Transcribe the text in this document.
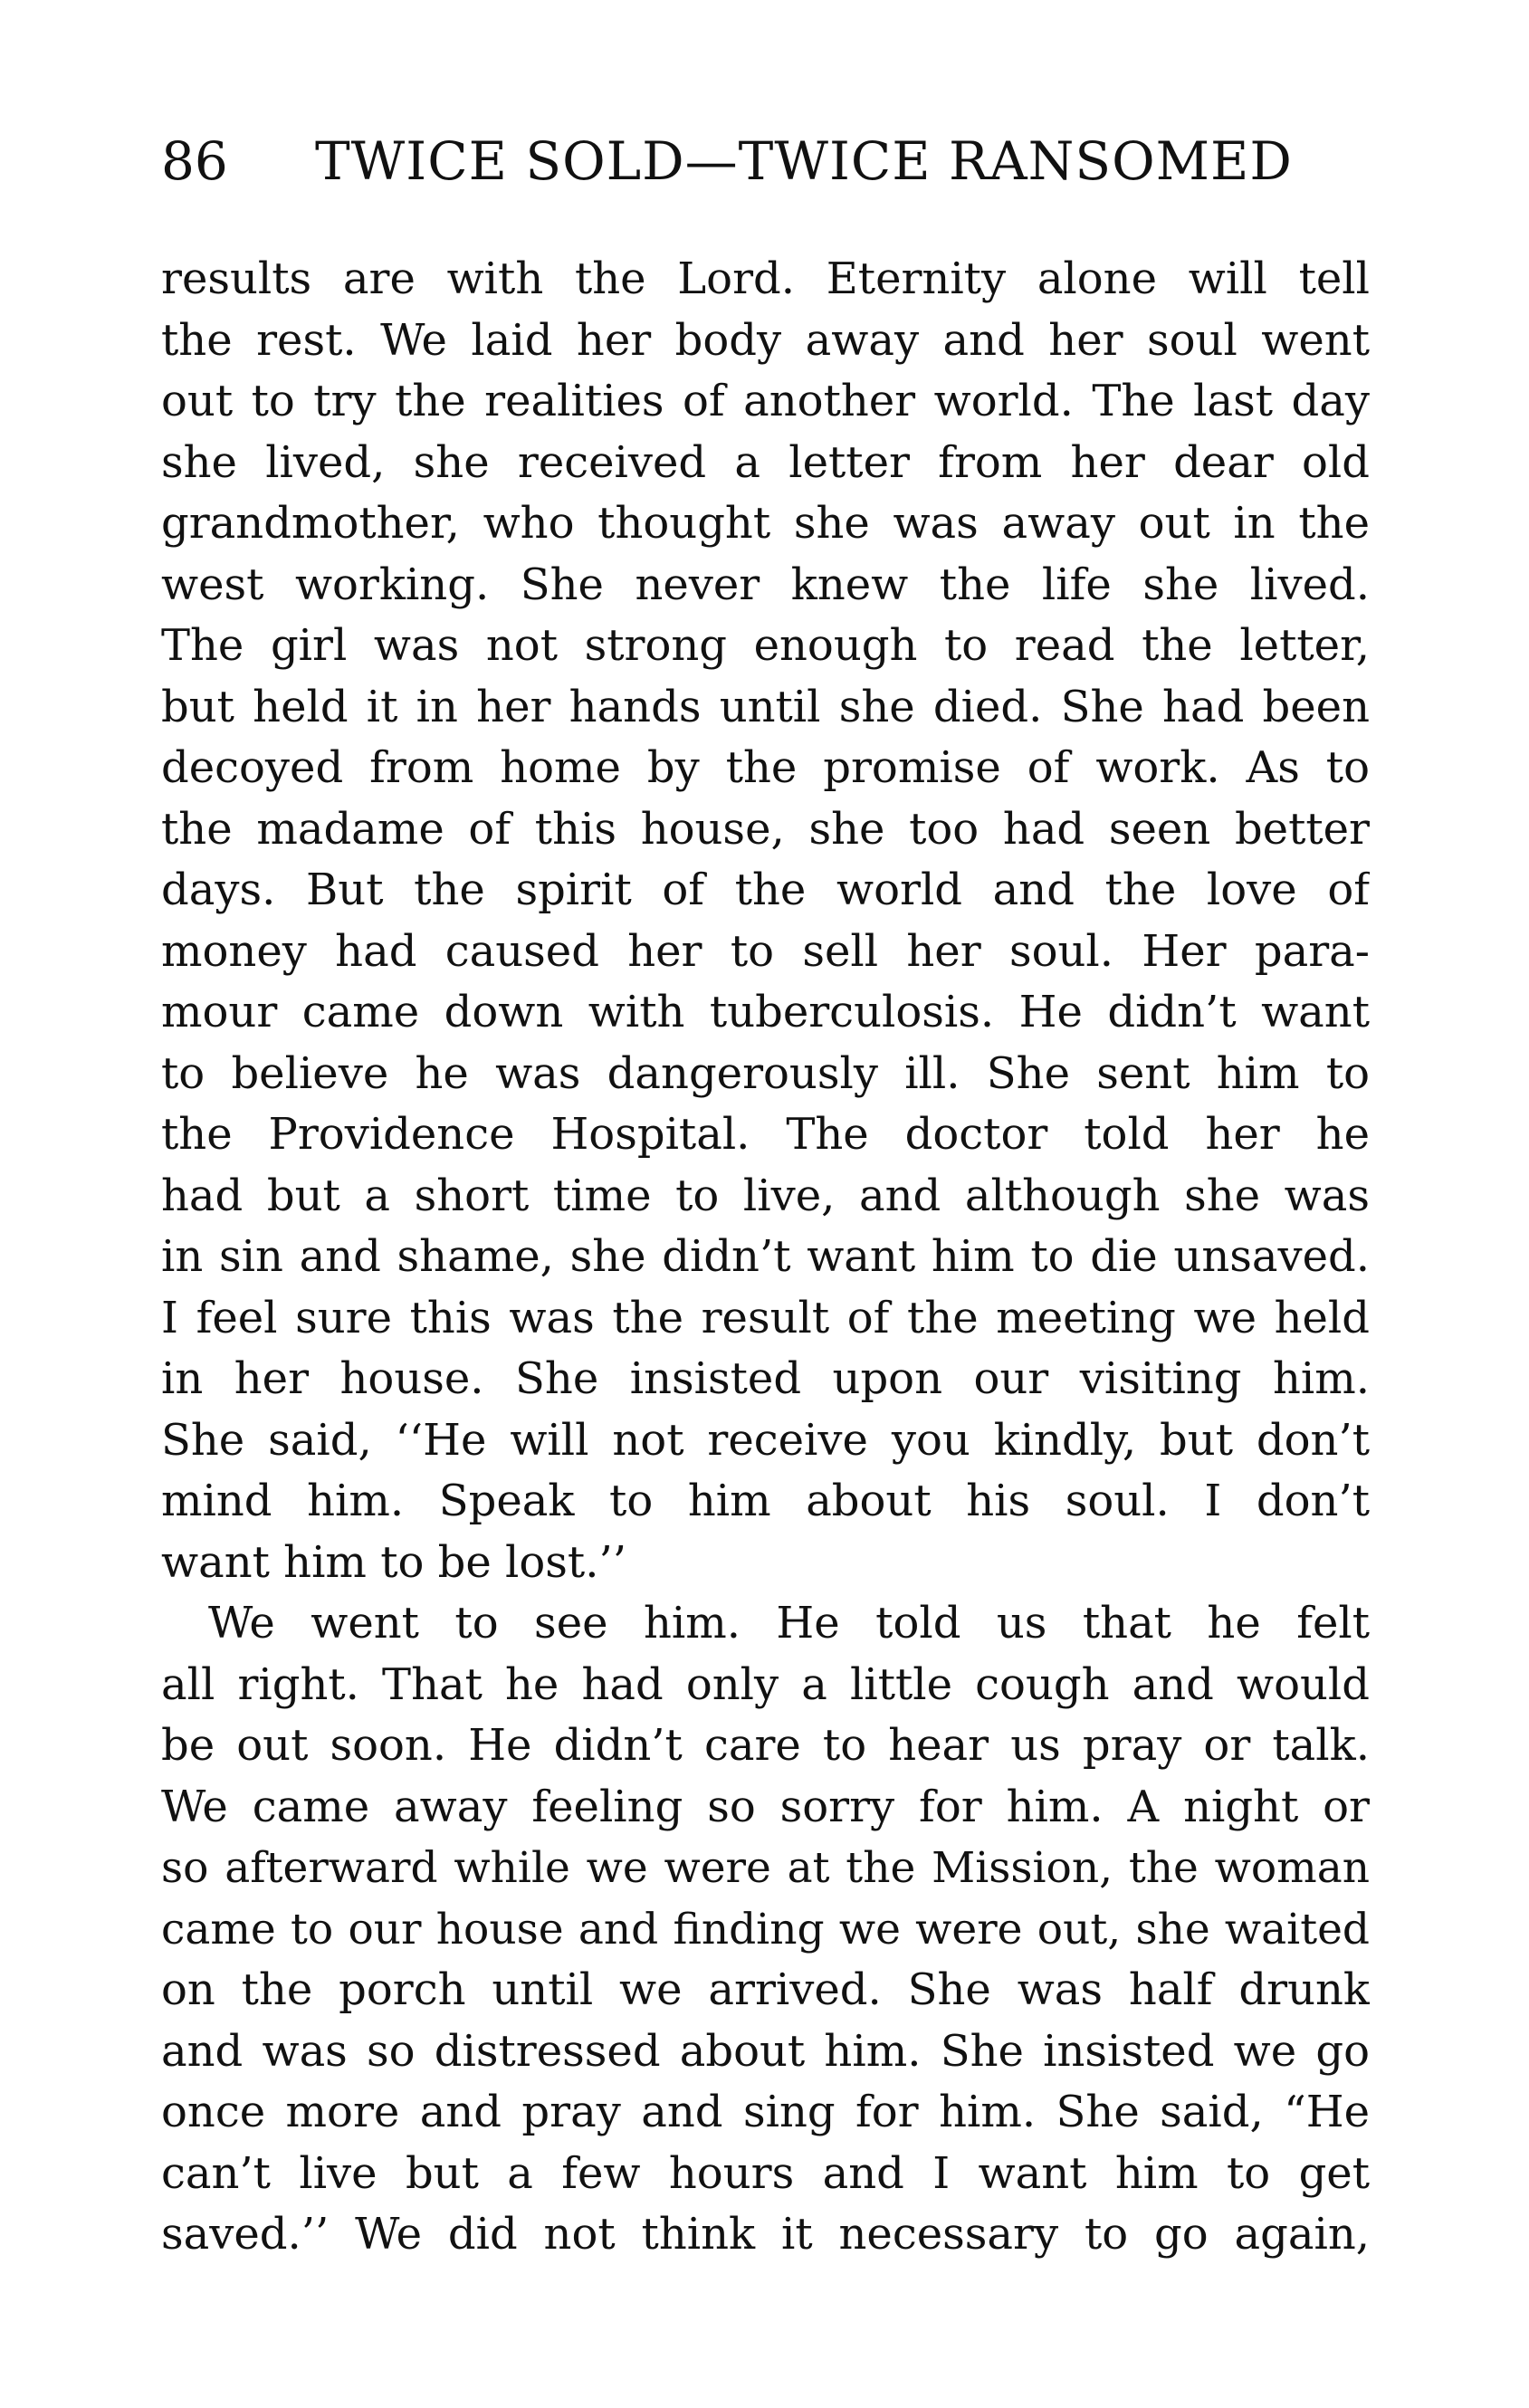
86 TWICE SOLD—TWICE RANSOMED
results are with the Lord. Eternity alone will tell
the rest. We laid her body away and her soul went
out to try the realities of another world. The last day
she lived, she received a letter from her dear old
grandmother, who thought she was away out in the
west working. She never knew the life she lived.
The girl was not strong enough to read the letter,
but held it in her hands until she died. She had been
decoyed from home by the promise of work. As to
the madame of this house, she too had seen better
days. But the spirit of the world and the love of
money had caused her to sell her soul. Her para-
mour came down with tuberculosis. He didn’t want
to believe he was dangerously ill. She sent him to
the Providence Hospital. The doctor told her he
had but a short time to live, and although she was
in sin and shame, she didn’t want him to die unsaved.
I feel sure this was the result of the meeting we held
in her house. She insisted upon our visiting him.
She said, ‘‘He will not receive you kindly, but don’t
mind him. Speak to him about his soul. I don’t
want him to be lost.’’
We went to see him. He told us that he felt
all right. That he had only a little cough and would
be out soon. He didn’t care to hear us pray or talk.
We came away feeling so sorry for him. A night or
so afterward while we were at the Mission, the woman
came to our house and finding we were out, she waited
on the porch until we arrived. She was half drunk
and was so distressed about him. She insisted we go
once more and pray and sing for him. She said, “He
can’t live but a few hours and I want him to get
saved.’’ We did not think it necessary to go again,
